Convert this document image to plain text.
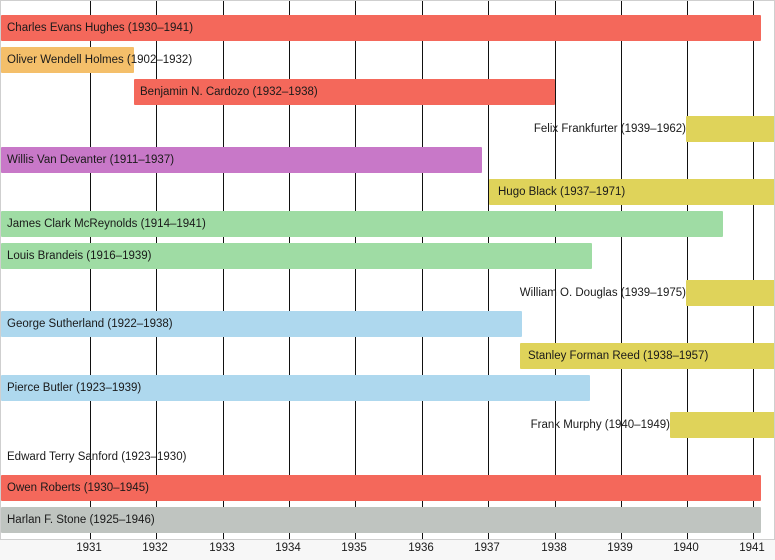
Charles Evans Hughes (1930–1941)
Oliver Wendell Holmes (1902–1932)
Benjamin N. Cardozo (1932–1938)
Felix Frankfurter (1939–1962)
Willis Van Devanter (1911–1937)
Hugo Black (1937–1971)
James Clark McReynolds (1914–1941)
Louis Brandeis (1916–1939)
William O. Douglas (1939–1975)
George Sutherland (1922–1938)
Stanley Forman Reed (1938–1957)
Pierce Butler (1923–1939)
Frank Murphy (1940–1949)
Edward Terry Sanford (1923–1930)
Owen Roberts (1930–1945)
Harlan F. Stone (1925–1946)
1931	1932	1933	1934	1935	1936	1937	1938	1939	1940	1941
